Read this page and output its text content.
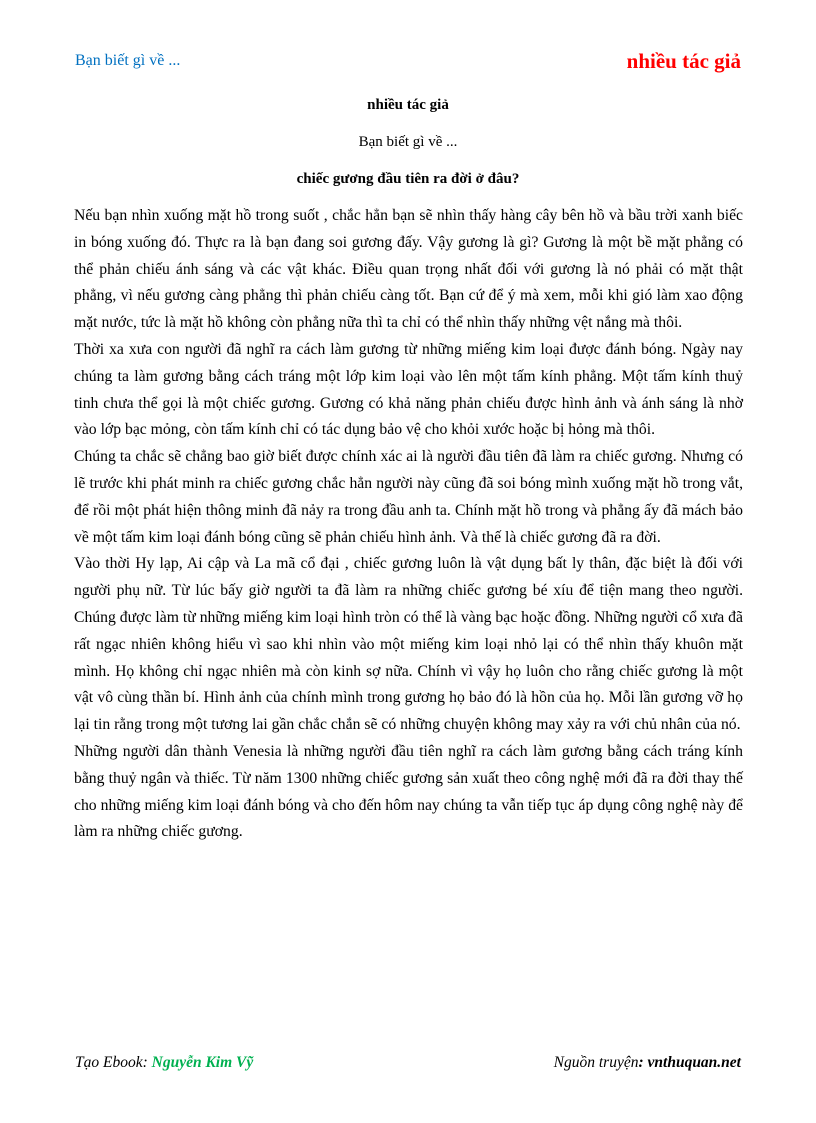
Bạn biết gì về ...	nhiều tác giả
nhiều tác giả
Bạn biết gì về ...
chiếc gương đầu tiên ra đời ở đâu?

Nếu bạn nhìn xuống mặt hồ trong suốt , chắc hẳn bạn sẽ nhìn thấy hàng cây bên hồ và bầu trời xanh biếc in bóng xuống đó. Thực ra là bạn đang soi gương đấy. Vậy gương là gì? Gương là một bề mặt phẳng có thể phản chiếu ánh sáng và các vật khác. Điều quan trọng nhất đối với gương là nó phải có mặt thật phẳng, vì nếu gương càng phẳng thì phản chiếu càng tốt. Bạn cứ để ý mà xem, mỗi khi gió làm xao động mặt nước, tức là mặt hồ không còn phẳng nữa thì ta chỉ có thể nhìn thấy những vệt nắng mà thôi.

Thời xa xưa con người đã nghĩ ra cách làm gương từ những miếng kim loại được đánh bóng. Ngày nay chúng ta làm gương bằng cách tráng một lớp kim loại vào lên một tấm kính phẳng. Một tấm kính thuỷ tinh chưa thể gọi là một chiếc gương. Gương có khả năng phản chiếu được hình ảnh và ánh sáng là nhờ vào lớp bạc mỏng, còn tấm kính chỉ có tác dụng bảo vệ cho khỏi xước hoặc bị hỏng mà thôi.

Chúng ta chắc sẽ chẳng bao giờ biết được chính xác ai là người đầu tiên đã làm ra chiếc gương. Nhưng có lẽ trước khi phát minh ra chiếc gương chắc hẳn người này cũng đã soi bóng mình xuống mặt hồ trong vắt, để rồi một phát hiện thông minh đã nảy ra trong đầu anh ta. Chính mặt hồ trong và phẳng ấy đã mách bảo về một tấm kim loại đánh bóng cũng sẽ phản chiếu hình ảnh. Và thế là chiếc gương đã ra đời.

Vào thời Hy lạp, Ai cập và La mã cổ đại , chiếc gương luôn là vật dụng bất ly thân, đặc biệt là đối với người phụ nữ. Từ lúc bấy giờ người ta đã làm ra những chiếc gương bé xíu để tiện mang theo người. Chúng được làm từ những miếng kim loại hình tròn có thể là vàng bạc hoặc đồng. Những người cổ xưa đã rất ngạc nhiên không hiểu vì sao khi nhìn vào một miếng kim loại nhỏ lại có thể nhìn thấy khuôn mặt mình. Họ không chỉ ngạc nhiên mà còn kinh sợ nữa. Chính vì vậy họ luôn cho rằng chiếc gương là một vật vô cùng thần bí. Hình ảnh của chính mình trong gương họ bảo đó là hồn của họ. Mỗi lần gương vỡ họ lại tin rằng trong một tương lai gần chắc chắn sẽ có những chuyện không may xảy ra với chủ nhân của nó.

Những người dân thành Venesia là những người đầu tiên nghĩ ra cách làm gương bằng cách tráng kính bằng thuỷ ngân và thiếc. Từ năm 1300 những chiếc gương sản xuất theo công nghệ mới đã ra đời thay thế cho những miếng kim loại đánh bóng và cho đến hôm nay chúng ta vẫn tiếp tục áp dụng công nghệ này để làm ra những chiếc gương.

Tạo Ebook: Nguyễn Kim Vỹ	Nguồn truyện: vnthuquan.net
